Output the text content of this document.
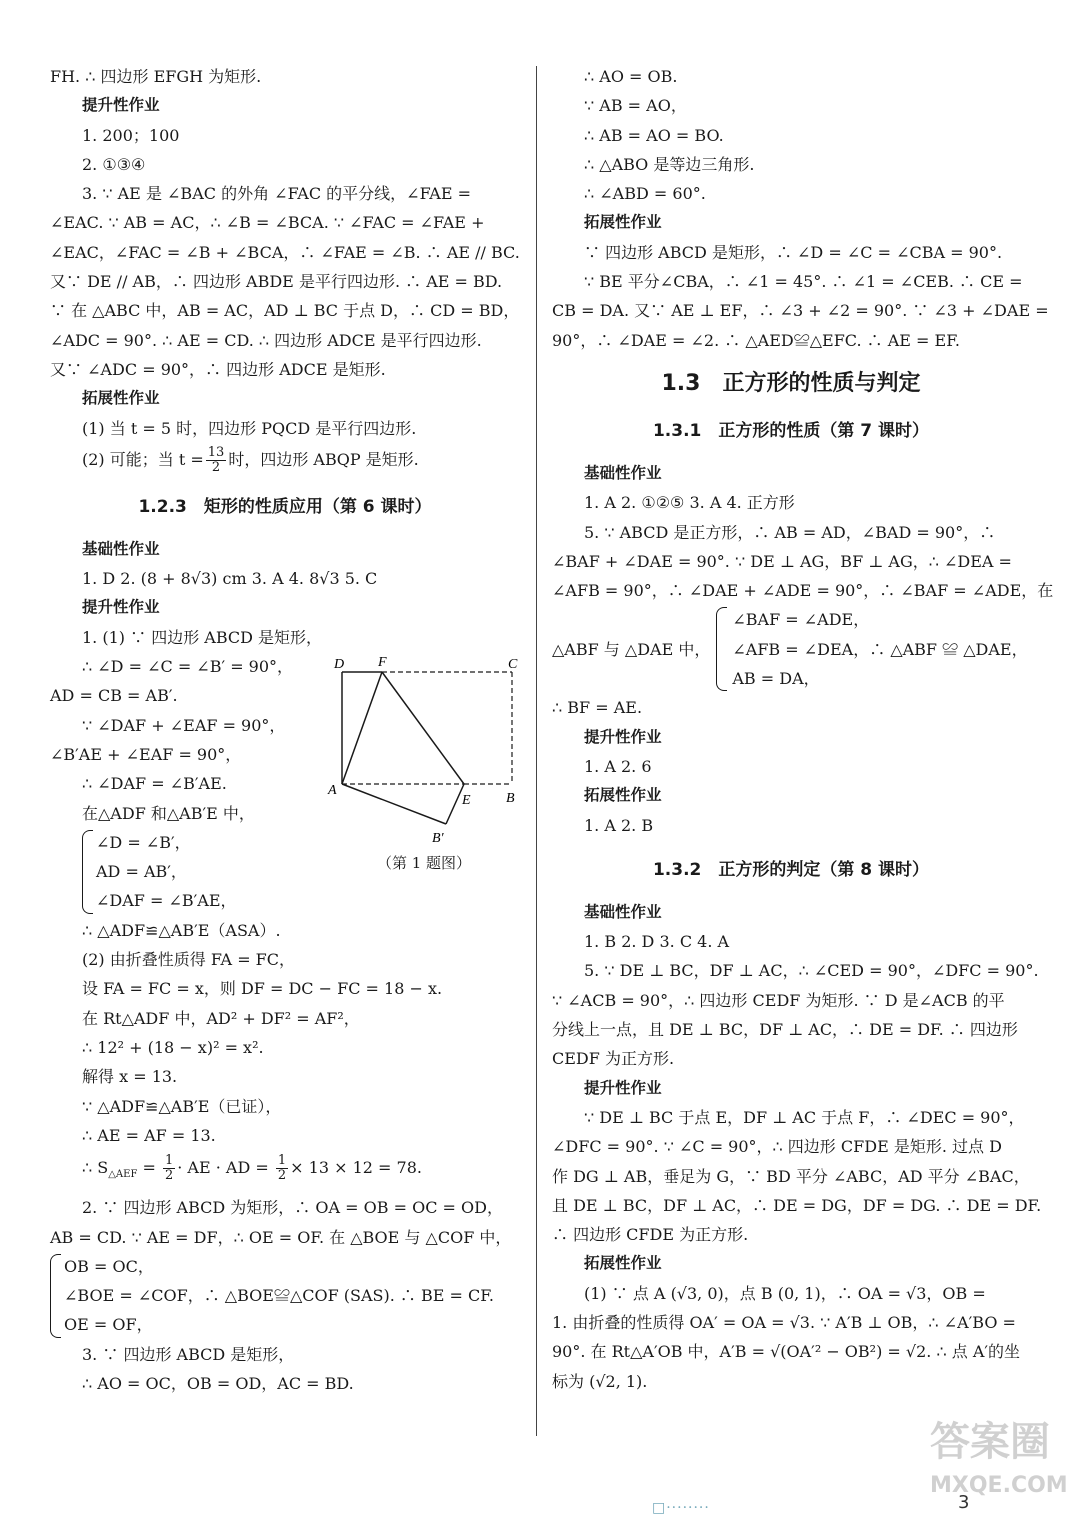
FH. ∴ 四边形 EFGH 为矩形.
提升性作业
1. 200；100
2. ①③④
3. ∵ AE 是 ∠BAC 的外角 ∠FAC 的平分线，∠FAE =
∠EAC. ∵ AB = AC，∴ ∠B = ∠BCA. ∵ ∠FAC = ∠FAE +
∠EAC，∠FAC = ∠B + ∠BCA，∴ ∠FAE = ∠B. ∴ AE // BC.
又∵ DE // AB，∴ 四边形 ABDE 是平行四边形. ∴ AE = BD.
∵ 在 △ABC 中，AB = AC，AD ⊥ BC 于点 D，∴ CD = BD，
∠ADC = 90°. ∴ AE = CD. ∴ 四边形 ADCE 是平行四边形.
又∵ ∠ADC = 90°，∴ 四边形 ADCE 是矩形.
拓展性作业
(1) 当 t = 5 时，四边形 PQCD 是平行四边形.
(2) 可能；当 $t = \frac{13}{2}$ 时，四边形 ABQP 是矩形.
1.2.3　矩形的性质应用（第 6 课时）
基础性作业
1. D 2. (8 + 8√3) cm 3. A 4. 8√3 5. C
提升性作业
1. (1) ∵ 四边形 ABCD 是矩形，
∴ ∠D = ∠C = ∠B′ = 90°，
AD = CB = AB′.
∵ ∠DAF + ∠EAF = 90°，
∠B′AE + ∠EAF = 90°，
∴ ∠DAF = ∠B′AE.
在△ADF 和△AB′E 中，
∠D = ∠B′，
AD = AB′，
∠DAF = ∠B′AE，
∴ △ADF≌△AB′E（ASA）.
(2) 由折叠性质得 FA = FC，
设 FA = FC = x，则 DF = DC − FC = 18 − x.
在 Rt△ADF 中，AD² + DF² = AF²，
∴ 12² + (18 − x)² = x².
解得 x = 13.
∵ △ADF≌△AB′E（已证），
∴ AE = AF = 13.
∴ $S_{\triangle AEF} = \frac{1}{2}$ · AE · AD = $\frac{1}{2} \times 13 \times 12 = 78$.
2. ∵ 四边形 ABCD 为矩形，∴ OA = OB = OC = OD，
AB = CD. ∵ AE = DF，∴ OE = OF. 在 △BOE 与 △COF 中，
OB = OC，
∠BOE = ∠COF，∴ △BOE≌△COF (SAS). ∴ BE = CF.
OE = OF，
3. ∵ 四边形 ABCD 是矩形，
∴ AO = OC，OB = OD，AC = BD.
D F	C
A
E	B
B′
（第 1 题图）
∴ AO = OB.
∵ AB = AO，
∴ AB = AO = BO.
∴ △ABO 是等边三角形.
∴ ∠ABD = 60°.
拓展性作业
∵ 四边形 ABCD 是矩形，∴ ∠D = ∠C = ∠CBA = 90°.
∵ BE 平分∠CBA，∴ ∠1 = 45°. ∴ ∠1 = ∠CEB. ∴ CE =
CB = DA. 又∵ AE ⊥ EF，∴ ∠3 + ∠2 = 90°. ∵ ∠3 + ∠DAE =
90°，∴ ∠DAE = ∠2. ∴ △AED≌△EFC. ∴ AE = EF.
1.3　正方形的性质与判定
1.3.1　正方形的性质（第 7 课时）
基础性作业
1. A 2. ①②⑤ 3. A 4. 正方形
5. ∵ ABCD 是正方形，∴ AB = AD，∠BAD = 90°，∴
∠BAF + ∠DAE = 90°. ∵ DE ⊥ AG，BF ⊥ AG，∴ ∠DEA =
∠AFB = 90°，∴ ∠DAE + ∠ADE = 90°，∴ ∠BAF = ∠ADE，在
△ABF 与 △DAE 中，
∠BAF = ∠ADE，
∠AFB = ∠DEA，∴ △ABF ≌ △DAE，
AB = DA，
∴ BF = AE.
提升性作业
1. A 2. 6
拓展性作业
1. A 2. B
1.3.2　正方形的判定（第 8 课时）
基础性作业
1. B 2. D 3. C 4. A
5. ∵ DE ⊥ BC，DF ⊥ AC，∴ ∠CED = 90°，∠DFC = 90°.
∵ ∠ACB = 90°，∴ 四边形 CEDF 为矩形. ∵ D 是∠ACB 的平
分线上一点，且 DE ⊥ BC，DF ⊥ AC，∴ DE = DF. ∴ 四边形
CEDF 为正方形.
提升性作业
∵ DE ⊥ BC 于点 E，DF ⊥ AC 于点 F，∴ ∠DEC = 90°，
∠DFC = 90°. ∵ ∠C = 90°，∴ 四边形 CFDE 是矩形. 过点 D
作 DG ⊥ AB，垂足为 G，∵ BD 平分 ∠ABC，AD 平分 ∠BAC，
且 DE ⊥ BC，DF ⊥ AC，∴ DE = DG，DF = DG. ∴ DE = DF.
∴ 四边形 CFDE 为正方形.
拓展性作业
(1) ∵ 点 A (√3, 0)，点 B (0, 1)，∴ OA = √3，OB =
1. 由折叠的性质得 OA′ = OA = √3. ∵ A′B ⊥ OB，∴ ∠A′BO =
90°. 在 Rt△A′OB 中，A′B = √(OA′² − OB²) = √2. ∴ 点 A′的坐
标为 (√2, 1).
□········	3
答案圈
MXQE.COM
